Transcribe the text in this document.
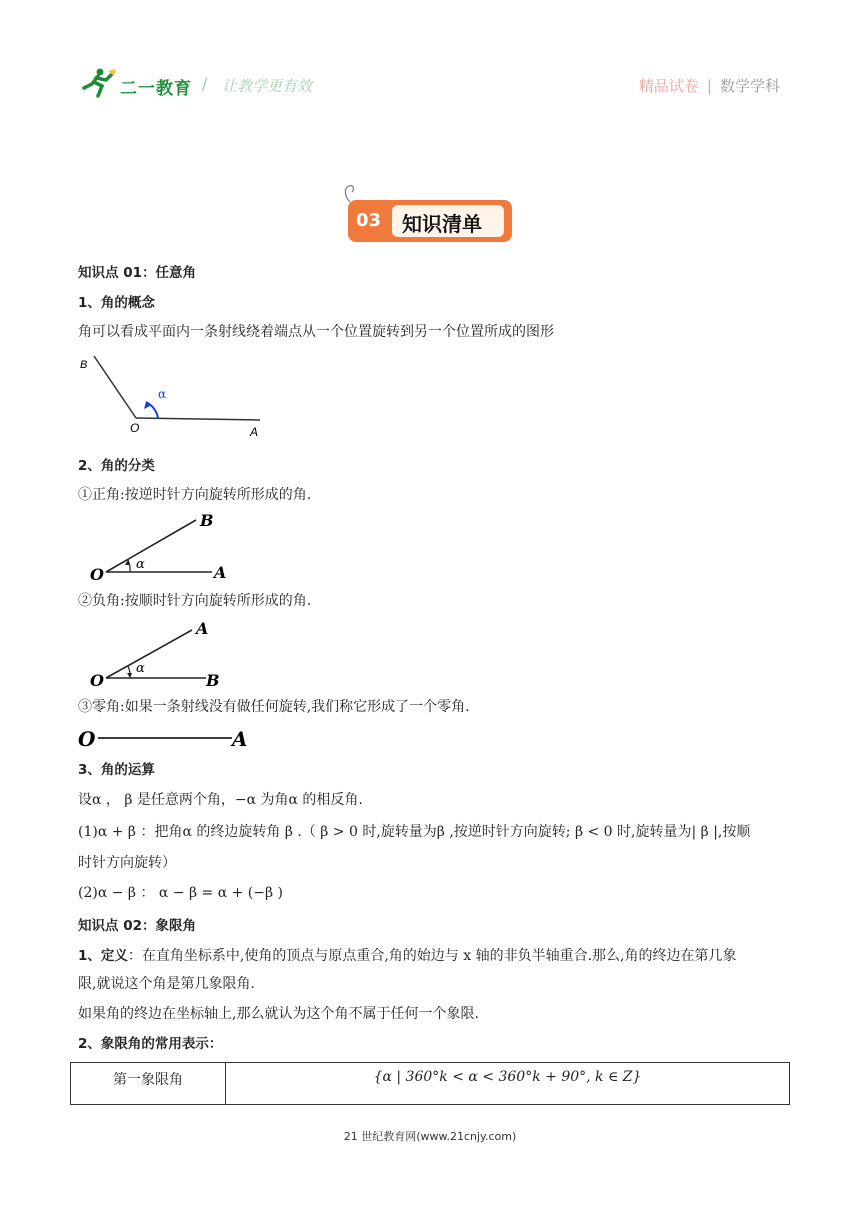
二一教育 / 让教学更有效	精品试卷 | 数学学科
03 知识清单
知识点 01：任意角
1、角的概念
角可以看成平面内一条射线绕着端点从一个位置旋转到另一个位置所成的图形
B
α
O	A
2、角的分类
①正角:按逆时针方向旋转所形成的角.
B
α
O	A
②负角:按顺时针方向旋转所形成的角.
A
α
O	B
③零角:如果一条射线没有做任何旋转,我们称它形成了一个零角.
O	A
3、角的运算
设α ， β 是任意两个角，−α 为角α 的相反角.
(1)α + β ：把角α 的终边旋转角 β .（ β > 0 时,旋转量为β ,按逆时针方向旋转; β < 0 时,旋转量为| β |,按顺
时针方向旋转）
(2)α − β ： α − β = α + (−β )
知识点 02：象限角
1、定义：在直角坐标系中,使角的顶点与原点重合,角的始边与 x 轴的非负半轴重合.那么,角的终边在第几象
限,就说这个角是第几象限角.
如果角的终边在坐标轴上,那么就认为这个角不属于任何一个象限.
2、象限角的常用表示：
第一象限角	{α | 360°k < α < 360°k + 90°, k ∈ Z}
21 世纪教育网(www.21cnjy.com)
